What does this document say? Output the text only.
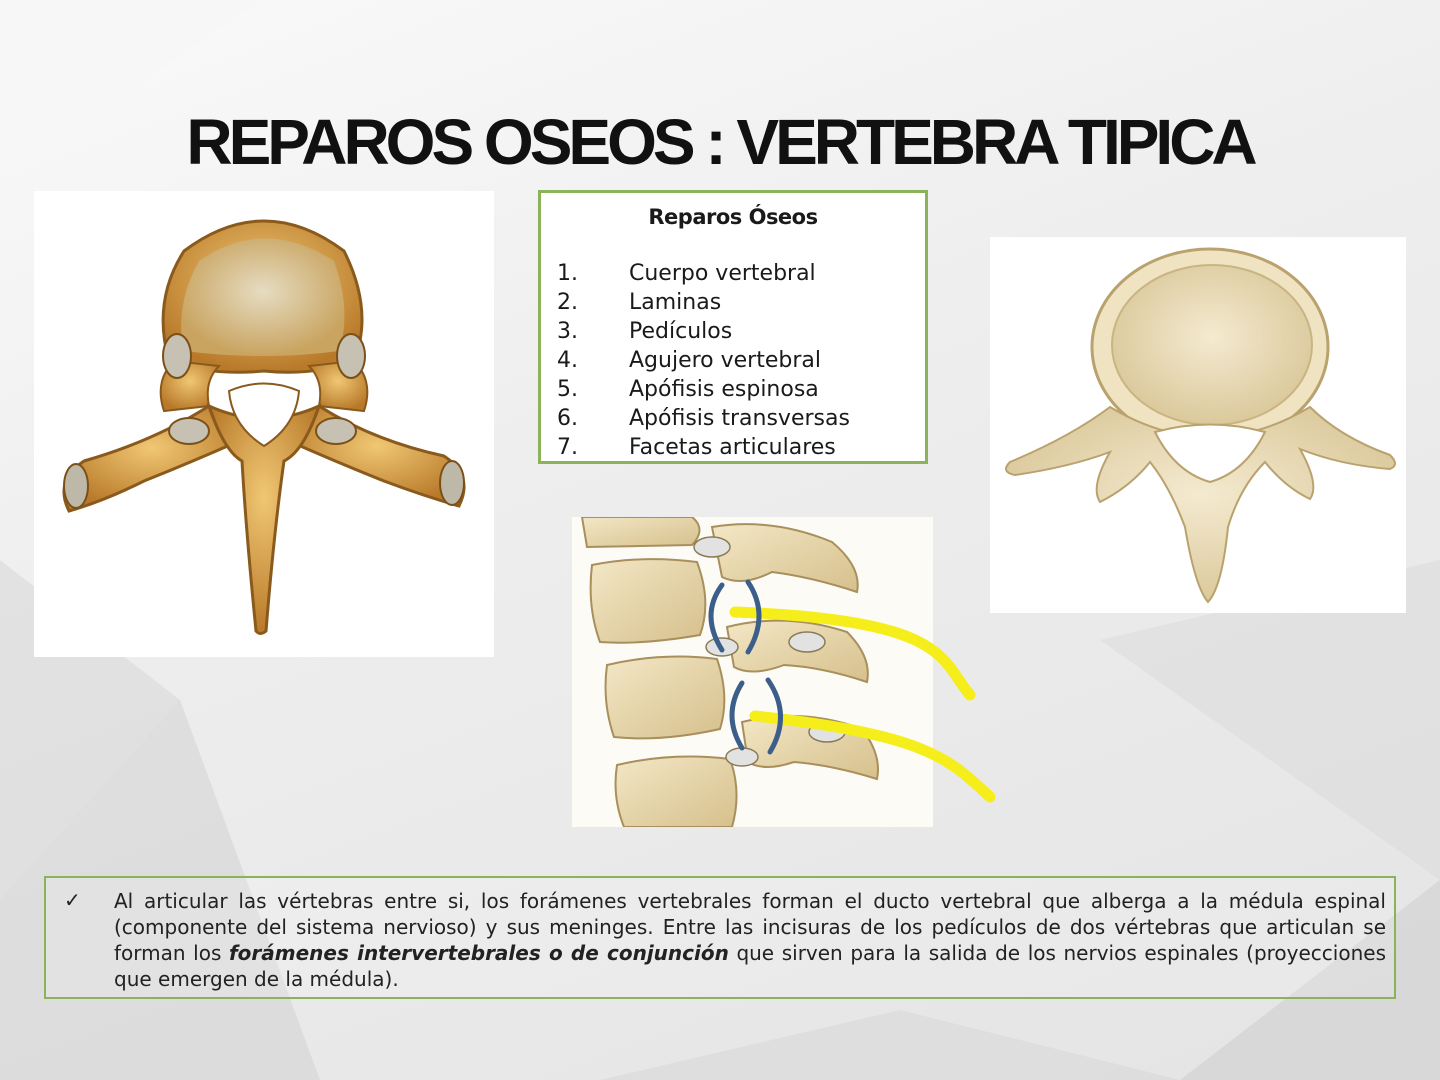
REPAROS OSEOS : VERTEBRA TIPICA
Reparos Óseos
1.	Cuerpo vertebral
2.	Laminas
3.	Pedículos
4.	Agujero vertebral
5.	Apófisis espinosa
6.	Apófisis transversas
7.	Facetas articulares
✓ Al articular las vértebras entre si, los forámenes vertebrales forman el ducto vertebral que alberga a la médula espinal (componente del sistema nervioso) y sus meninges. Entre las incisuras de los pedículos de dos vértebras que articulan se forman los forámenes intervertebrales o de conjunción que sirven para la salida de los nervios espinales (proyecciones que emergen de la médula).
